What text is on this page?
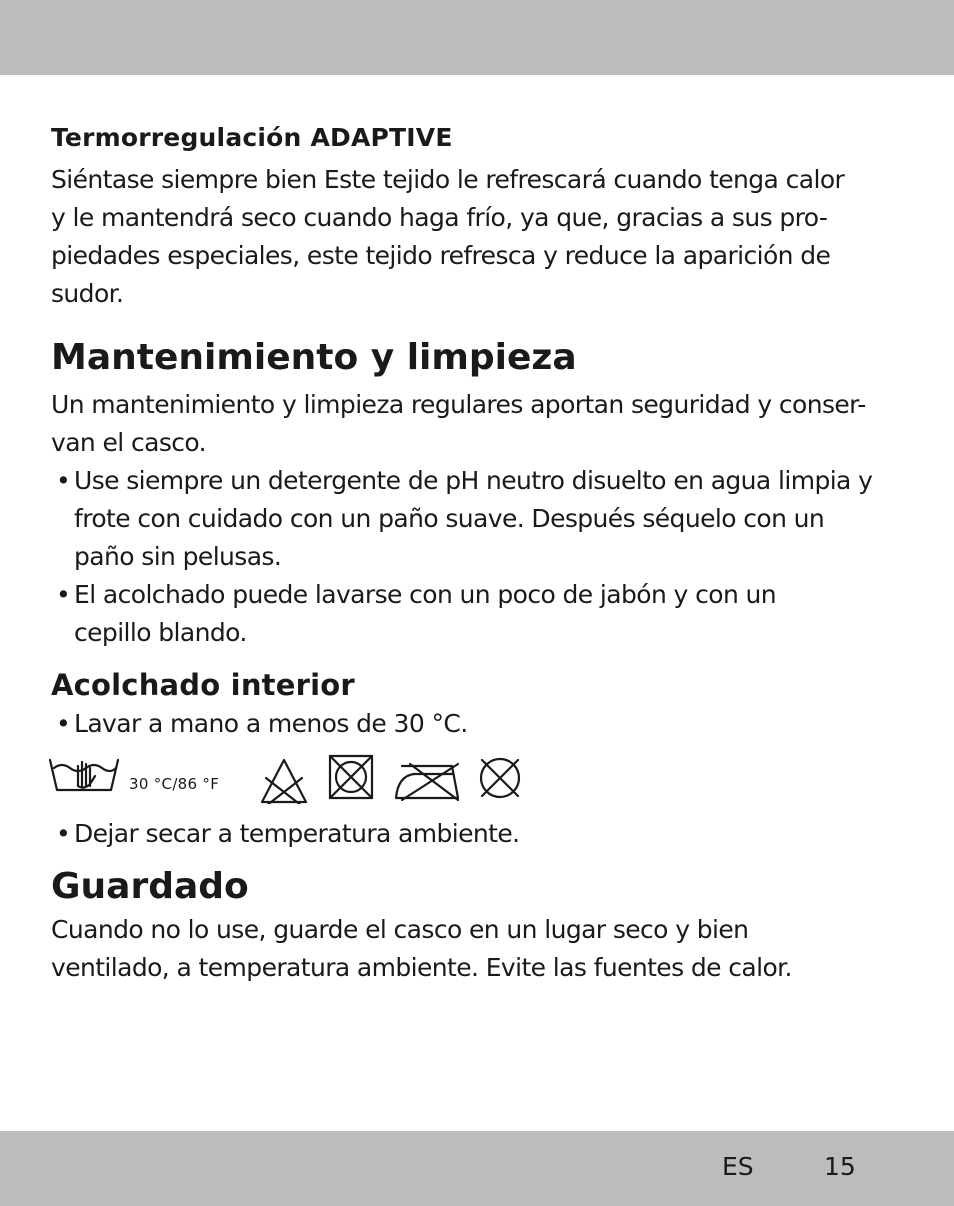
Termorregulación ADAPTIVE

Siéntase siempre bien Este tejido le refrescará cuando tenga calor
y le mantendrá seco cuando haga frío, ya que, gracias a sus pro-
piedades especiales, este tejido refresca y reduce la aparición de
sudor.

Mantenimiento y limpieza

Un mantenimiento y limpieza regulares aportan seguridad y conser-
van el casco.

• Use siempre un detergente de pH neutro disuelto en agua limpia y
frote con cuidado con un paño suave. Después séquelo con un
paño sin pelusas.

• El acolchado puede lavarse con un poco de jabón y con un
cepillo blando.

Acolchado interior

• Lavar a mano a menos de 30 °C.

30 °C/86 °F

• Dejar secar a temperatura ambiente.

Guardado

Cuando no lo use, guarde el casco en un lugar seco y bien
ventilado, a temperatura ambiente. Evite las fuentes de calor.

ES	15
